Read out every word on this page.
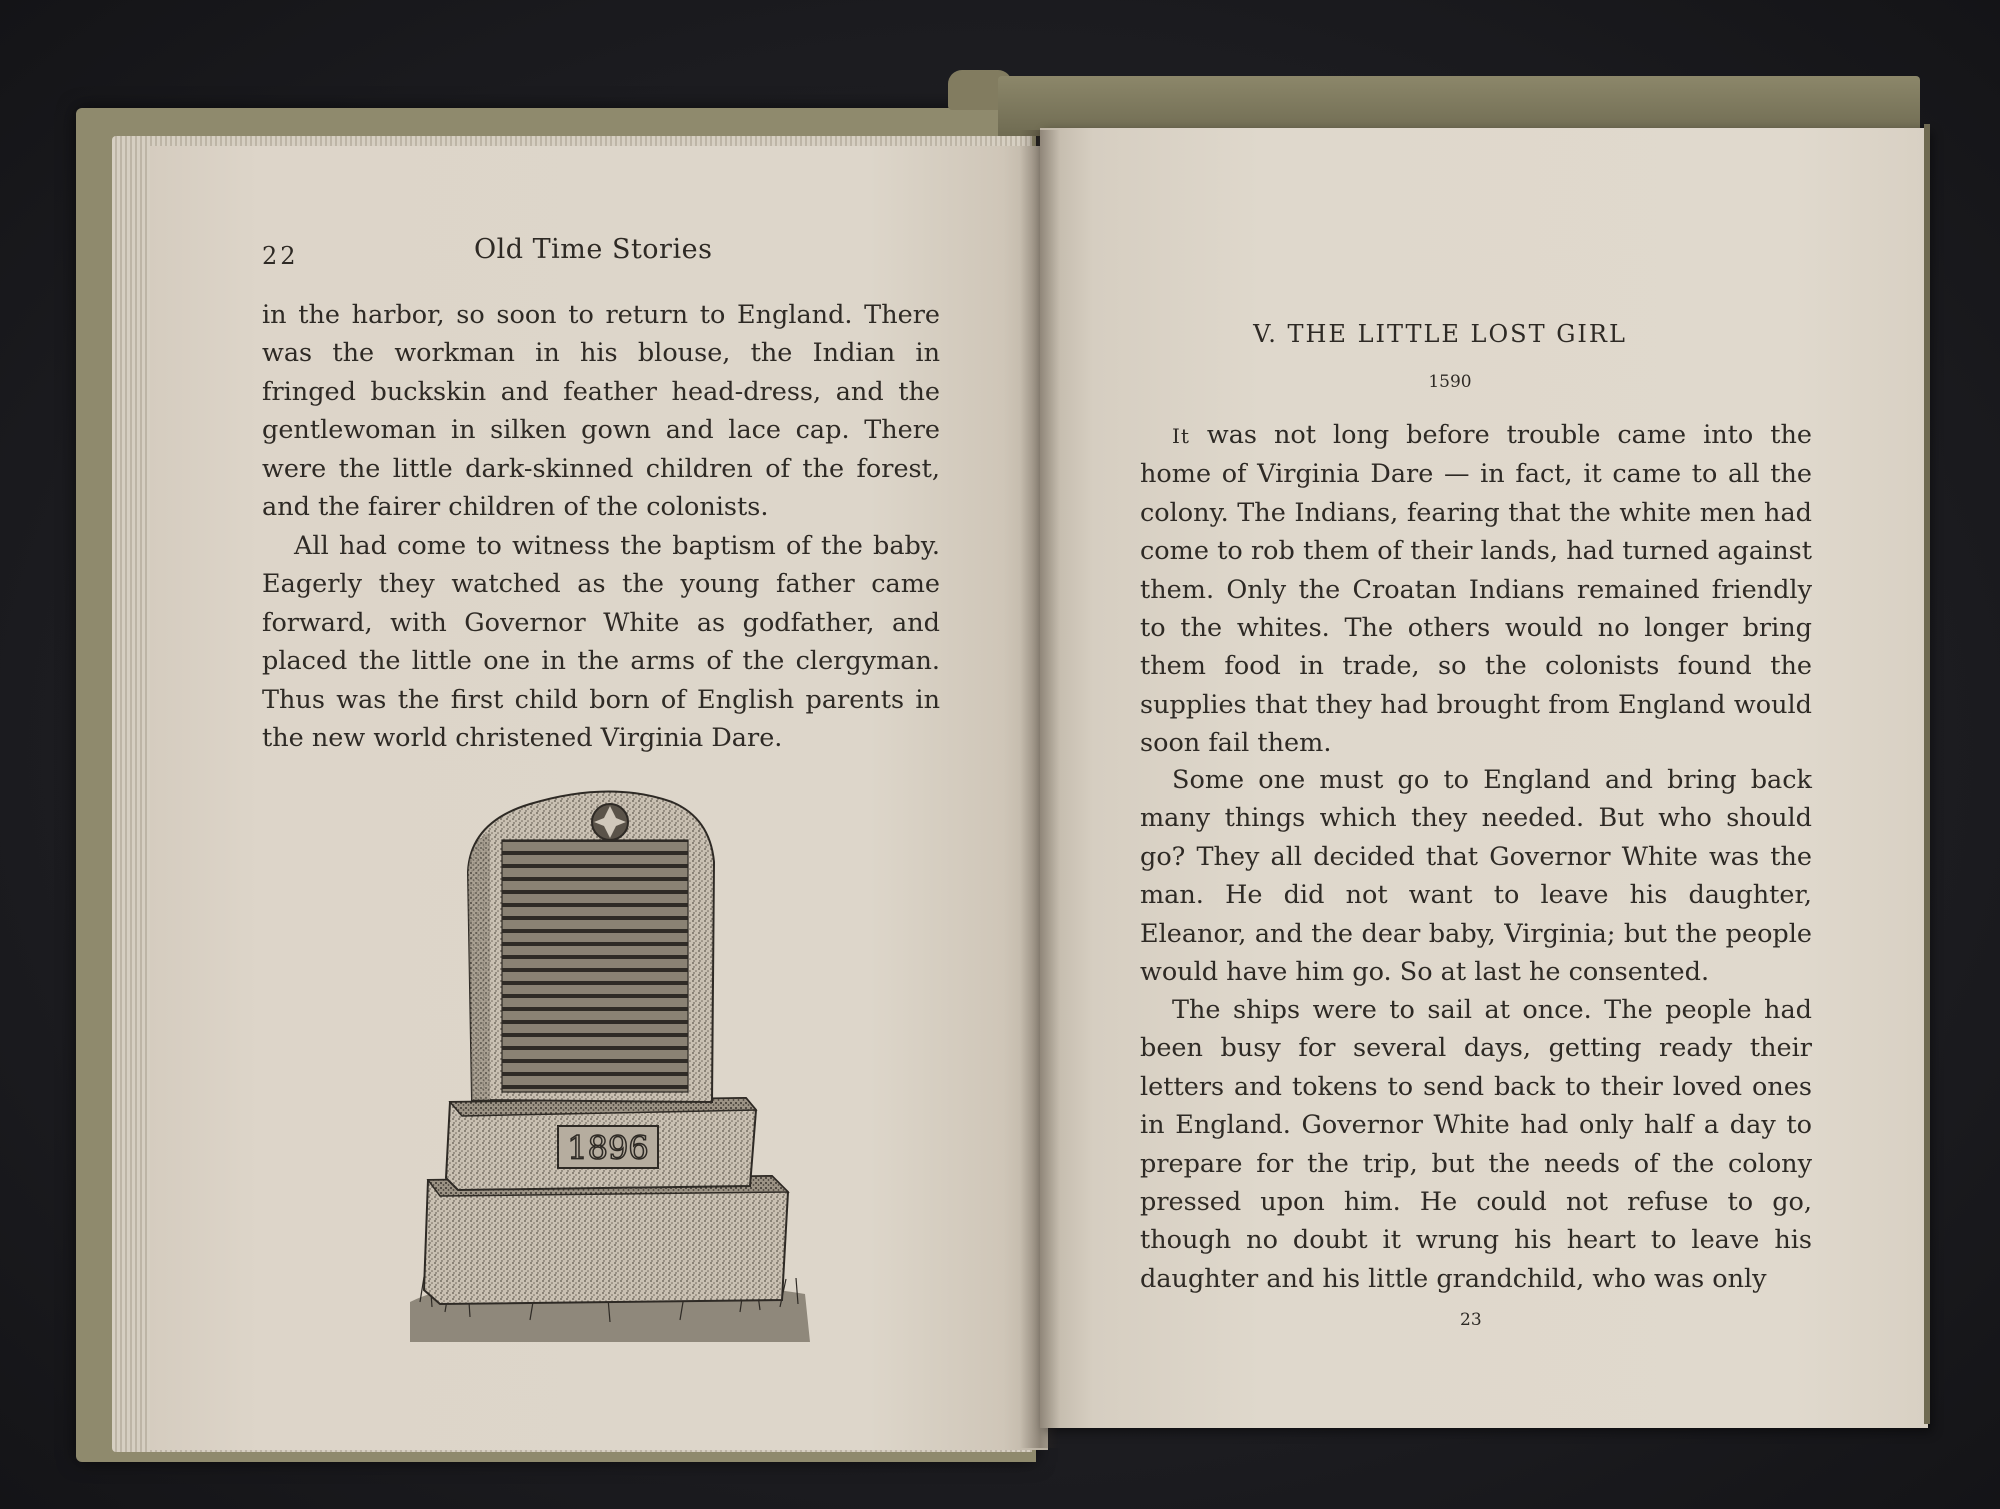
22	Old Time Stories

in the harbor, so soon to return to England. There was the workman in his blouse, the Indian in fringed buckskin and feather head-dress, and the gentlewoman in silken gown and lace cap. There were the little dark-skinned children of the forest, and the fairer children of the colonists.

All had come to witness the baptism of the baby. Eagerly they watched as the young father came forward, with Governor White as godfather, and placed the little one in the arms of the clergyman. Thus was the first child born of English parents in the new world christened Virginia Dare.

1896
V. THE LITTLE LOST GIRL
1590

It was not long before trouble came into the home of Virginia Dare — in fact, it came to all the colony. The Indians, fearing that the white men had come to rob them of their lands, had turned against them. Only the Croatan Indians remained friendly to the whites. The others would no longer bring them food in trade, so the colonists found the supplies that they had brought from England would soon fail them.

Some one must go to England and bring back many things which they needed. But who should go? They all decided that Governor White was the man. He did not want to leave his daughter, Eleanor, and the dear baby, Virginia; but the people would have him go. So at last he consented.

The ships were to sail at once. The people had been busy for several days, getting ready their letters and tokens to send back to their loved ones in England. Governor White had only half a day to prepare for the trip, but the needs of the colony pressed upon him. He could not refuse to go, though no doubt it wrung his heart to leave his daughter and his little grandchild, who was only

23
